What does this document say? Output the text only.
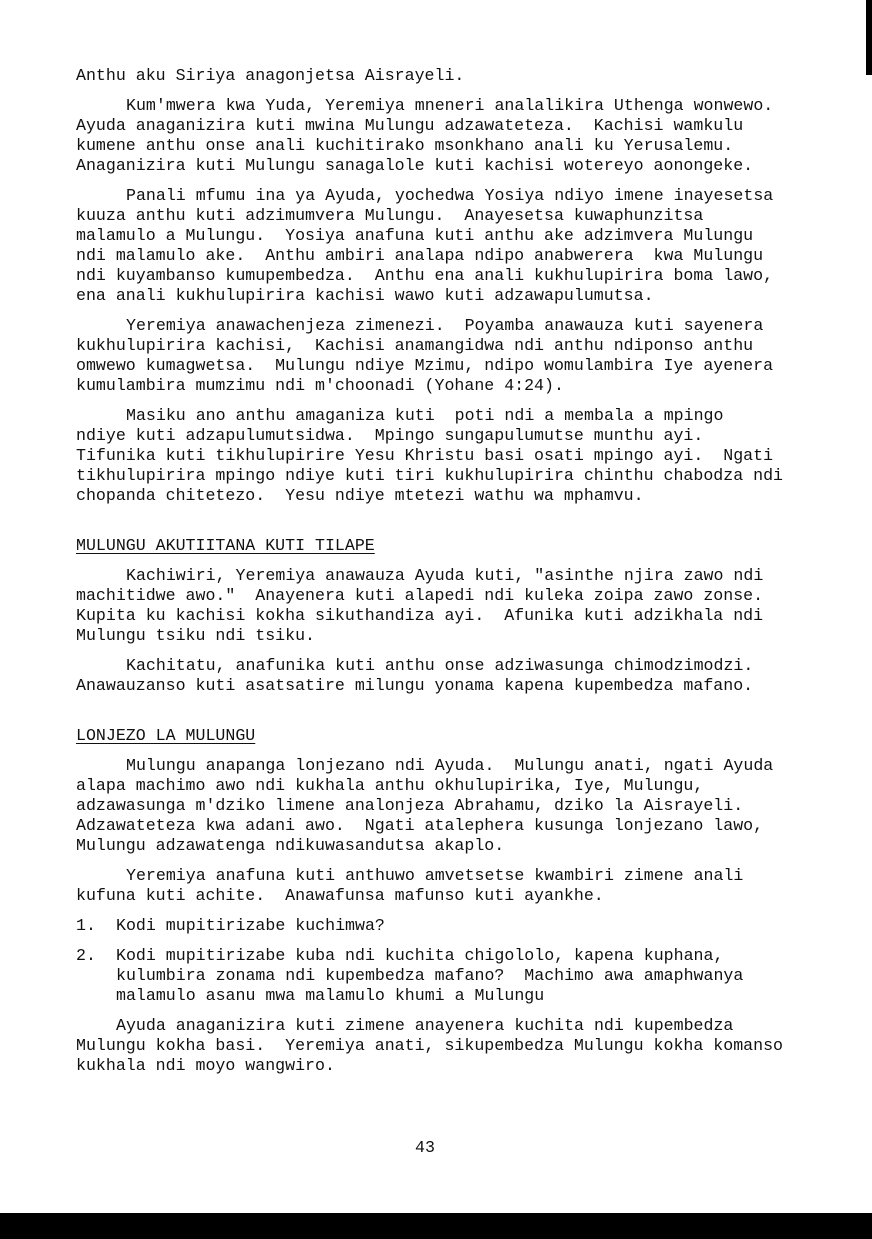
Anthu aku Siriya anagonjetsa Aisrayeli.
Kum'mwera kwa Yuda, Yeremiya mneneri analalikira Uthenga wonwewo.
Ayuda anaganizira kuti mwina Mulungu adzawateteza.  Kachisi wamkulu
kumene anthu onse anali kuchitirako msonkhano anali ku Yerusalemu.
Anaganizira kuti Mulungu sanagalole kuti kachisi wotereyo aonongeke.
Panali mfumu ina ya Ayuda, yochedwa Yosiya ndiyo imene inayesetsa
kuuza anthu kuti adzimumvera Mulungu.  Anayesetsa kuwaphunzitsa
malamulo a Mulungu.  Yosiya anafuna kuti anthu ake adzimvera Mulungu
ndi malamulo ake.  Anthu ambiri analapa ndipo anabwerera  kwa Mulungu
ndi kuyambanso kumupembedza.  Anthu ena anali kukhulupirira boma lawo,
ena anali kukhulupirira kachisi wawo kuti adzawapulumutsa.
Yeremiya anawachenjeza zimenezi.  Poyamba anawauza kuti sayenera
kukhulupirira kachisi,  Kachisi anamangidwa ndi anthu ndiponso anthu
omwewo kumagwetsa.  Mulungu ndiye Mzimu, ndipo womulambira Iye ayenera
kumulambira mumzimu ndi m'choonadi (Yohane 4:24).
Masiku ano anthu amaganiza kuti  poti ndi a membala a mpingo
ndiye kuti adzapulumutsidwa.  Mpingo sungapulumutse munthu ayi.
Tifunika kuti tikhulupirire Yesu Khristu basi osati mpingo ayi.  Ngati
tikhulupirira mpingo ndiye kuti tiri kukhulupirira chinthu chabodza ndi
chopanda chitetezo.  Yesu ndiye mtetezi wathu wa mphamvu.
MULUNGU AKUTIITANA KUTI TILAPE
Kachiwiri, Yeremiya anawauza Ayuda kuti, "asinthe njira zawo ndi
machitidwe awo."  Anayenera kuti alapedi ndi kuleka zoipa zawo zonse.
Kupita ku kachisi kokha sikuthandiza ayi.  Afunika kuti adzikhala ndi
Mulungu tsiku ndi tsiku.
Kachitatu, anafunika kuti anthu onse adziwasunga chimodzimodzi.
Anawauzanso kuti asatsatire milungu yonama kapena kupembedza mafano.
LONJEZO LA MULUNGU
Mulungu anapanga lonjezano ndi Ayuda.  Mulungu anati, ngati Ayuda
alapa machimo awo ndi kukhala anthu okhulupirika, Iye, Mulungu,
adzawasunga m'dziko limene analonjeza Abrahamu, dziko la Aisrayeli.
Adzawateteza kwa adani awo.  Ngati atalephera kusunga lonjezano lawo,
Mulungu adzawatenga ndikuwasandutsa akaplo.
Yeremiya anafuna kuti anthuwo amvetsetse kwambiri zimene anali
kufuna kuti achite.  Anawafunsa mafunso kuti ayankhe.
1.	Kodi mupitirizabe kuchimwa?
2.	Kodi mupitirizabe kuba ndi kuchita chigololo, kapena kuphana,
kulumbira zonama ndi kupembedza mafano?  Machimo awa amaphwanya
malamulo asanu mwa malamulo khumi a Mulungu
Ayuda anaganizira kuti zimene anayenera kuchita ndi kupembedza
Mulungu kokha basi.  Yeremiya anati, sikupembedza Mulungu kokha komanso
kukhala ndi moyo wangwiro.
43
